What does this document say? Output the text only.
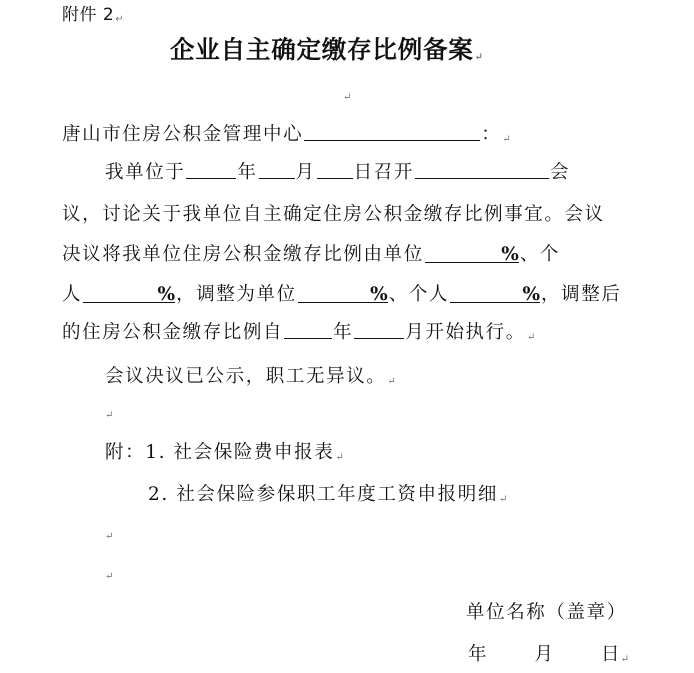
附件 2↵
企业自主确定缴存比例备案↵
↵
唐山市住房公积金管理中心	：↵
我单位于	年 月 日召开	会
议，讨论关于我单位自主确定住房公积金缴存比例事宜。会议
决议将我单位住房公积金缴存比例由单位	%、个
人	%，调整为单位	%、个人	%，调整后
的住房公积金缴存比例自	年	月开始执行。↵
会议决议已公示，职工无异议。↵
↵
附：1. 社会保险费申报表↵
2. 社会保险参保职工年度工资申报明细↵
↵
↵
单位名称（盖章）
年	月	日↵
